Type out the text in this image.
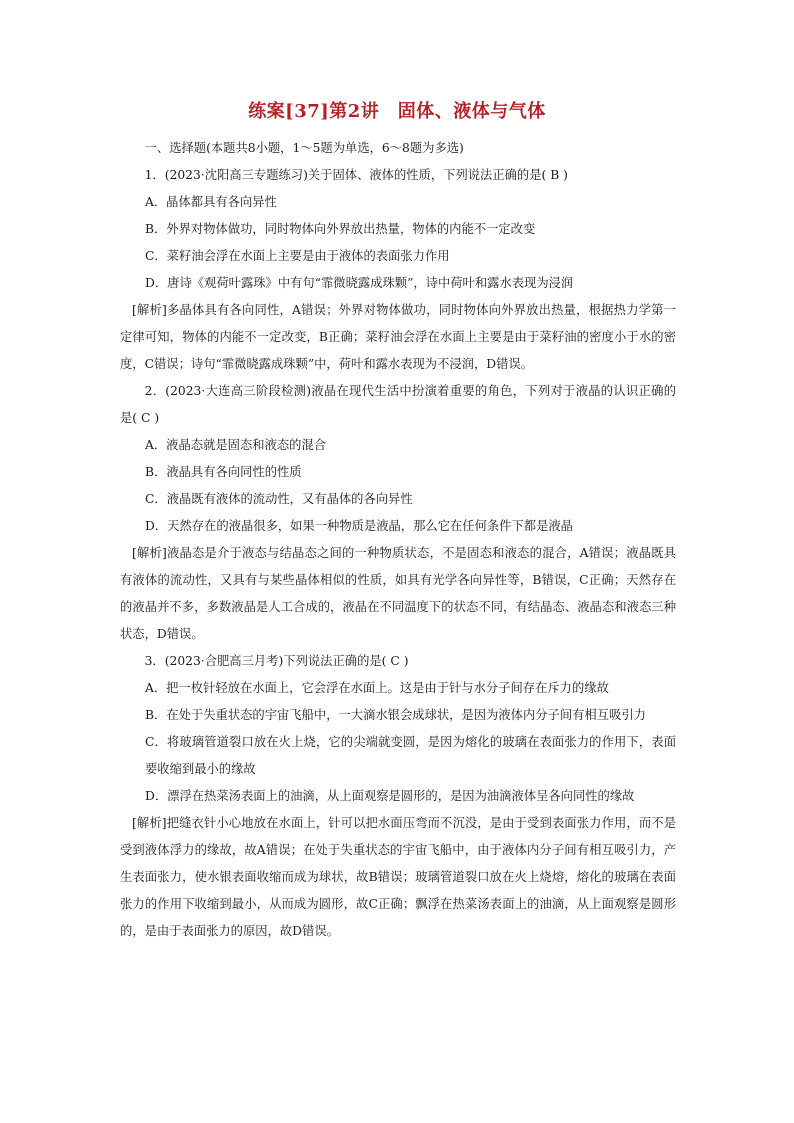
练案[37]第2讲　固体、液体与气体

一、选择题(本题共8小题，1～5题为单选，6～8题为多选)

1．(2023·沈阳高三专题练习)关于固体、液体的性质，下列说法正确的是( B )

A．晶体都具有各向异性

B．外界对物体做功，同时物体向外界放出热量，物体的内能不一定改变

C．菜籽油会浮在水面上主要是由于液体的表面张力作用

D．唐诗《观荷叶露珠》中有句“霏微晓露成珠颗”，诗中荷叶和露水表现为浸润

[解析]多晶体具有各向同性，A错误；外界对物体做功，同时物体向外界放出热量，根据热力学第一定律可知，物体的内能不一定改变，B正确；菜籽油会浮在水面上主要是由于菜籽油的密度小于水的密度，C错误；诗句“霏微晓露成珠颗”中，荷叶和露水表现为不浸润，D错误。

2．(2023·大连高三阶段检测)液晶在现代生活中扮演着重要的角色，下列对于液晶的认识正确的是( C )

A．液晶态就是固态和液态的混合

B．液晶具有各向同性的性质

C．液晶既有液体的流动性，又有晶体的各向异性

D．天然存在的液晶很多，如果一种物质是液晶，那么它在任何条件下都是液晶

[解析]液晶态是介于液态与结晶态之间的一种物质状态，不是固态和液态的混合，A错误；液晶既具有液体的流动性，又具有与某些晶体相似的性质，如具有光学各向异性等，B错误，C正确；天然存在的液晶并不多，多数液晶是人工合成的，液晶在不同温度下的状态不同，有结晶态、液晶态和液态三种状态，D错误。

3．(2023·合肥高三月考)下列说法正确的是( C )

A．把一枚针轻放在水面上，它会浮在水面上。这是由于针与水分子间存在斥力的缘故

B．在处于失重状态的宇宙飞船中，一大滴水银会成球状，是因为液体内分子间有相互吸引力

C．将玻璃管道裂口放在火上烧，它的尖端就变圆，是因为熔化的玻璃在表面张力的作用下，表面要收缩到最小的缘故

D．漂浮在热菜汤表面上的油滴，从上面观察是圆形的，是因为油滴液体呈各向同性的缘故

[解析]把缝衣针小心地放在水面上，针可以把水面压弯而不沉没，是由于受到表面张力作用，而不是受到液体浮力的缘故，故A错误；在处于失重状态的宇宙飞船中，由于液体内分子间有相互吸引力，产生表面张力，使水银表面收缩而成为球状，故B错误；玻璃管道裂口放在火上烧熔，熔化的玻璃在表面张力的作用下收缩到最小，从而成为圆形，故C正确；飘浮在热菜汤表面上的油滴，从上面观察是圆形的，是由于表面张力的原因，故D错误。
